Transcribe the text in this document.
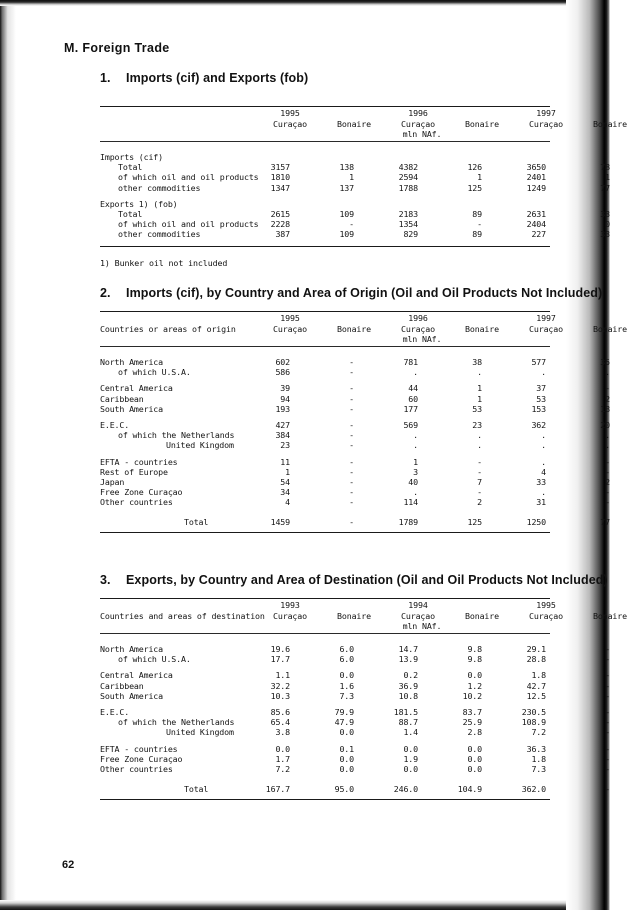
M. Foreign Trade
1. Imports (cif) and Exports (fob)
1995	1996	1997
Curaçao	Bonaire	Curaçao	Bonaire	Curaçao	Bonaire
mln NAf.
Imports (cif)
Total	3157	138	4382	126	3650	78
of which oil and oil products	1810	1	2594	1	2401	1
other commodities	1347	137	1788	125	1249	77
Exports 1) (fob)
Total	2615	109	2183	89	2631	33
of which oil and oil products	2228	-	1354	-	2404	0
other commodities	387	109	829	89	227	33
2. Imports (cif), by Country and Area of Origin (Oil and Oil Products Not Included)
Countries or areas of origin
1995	1996	1997
Curaçao	Bonaire	Curaçao	Bonaire	Curaçao	Bonaire
mln NAf.
North America	602	-	781	38	577	35
of which U.S.A.	586	-	.	.	.	.
Central America	39	-	44	1	37	-
Caribbean	94	-	60	1	53	2
South America	193	-	177	53	153	18
E.E.C.	427	-	569	23	362	20
of which the Netherlands	384	-	.	.	.	.
United Kingdom	23	-	.	.	.	.
EFTA - countries	11	-	1	-	.	-
Rest of Europe	1	-	3	-	4	-
Japan	54	-	40	7	33	2
Free Zone Curaçao	34	-	.	-	.	-
Other countries	4	-	114	2	31	-
Total	1459	-	1789	125	1250	77
3. Exports, by Country and Area of Destination (Oil and Oil Products Not Included)
Countries and areas of destination
1993	1994	1995
Curaçao	Bonaire	Curaçao	Bonaire	Curaçao	Bonaire
mln NAf.
North America	19.6	6.0	14.7	9.8	29.1	-
of which U.S.A.	17.7	6.0	13.9	9.8	28.8	-
Central America	1.1	0.0	0.2	0.0	1.8	-
Caribbean	32.2	1.6	36.9	1.2	42.7	-
South America	10.3	7.3	10.8	10.2	12.5	-
E.E.C.	85.6	79.9	181.5	83.7	230.5	-
of which the Netherlands	65.4	47.9	88.7	25.9	108.9	-
United Kingdom	3.8	0.0	1.4	2.8	7.2	-
EFTA - countries	0.0	0.1	0.0	0.0	36.3	-
Free Zone Curaçao	1.7	0.0	1.9	0.0	1.8	-
Other countries	7.2	0.0	0.0	0.0	7.3	-
Total	167.7	95.0	246.0	104.9	362.0	-
1) Bunker oil not included
62
